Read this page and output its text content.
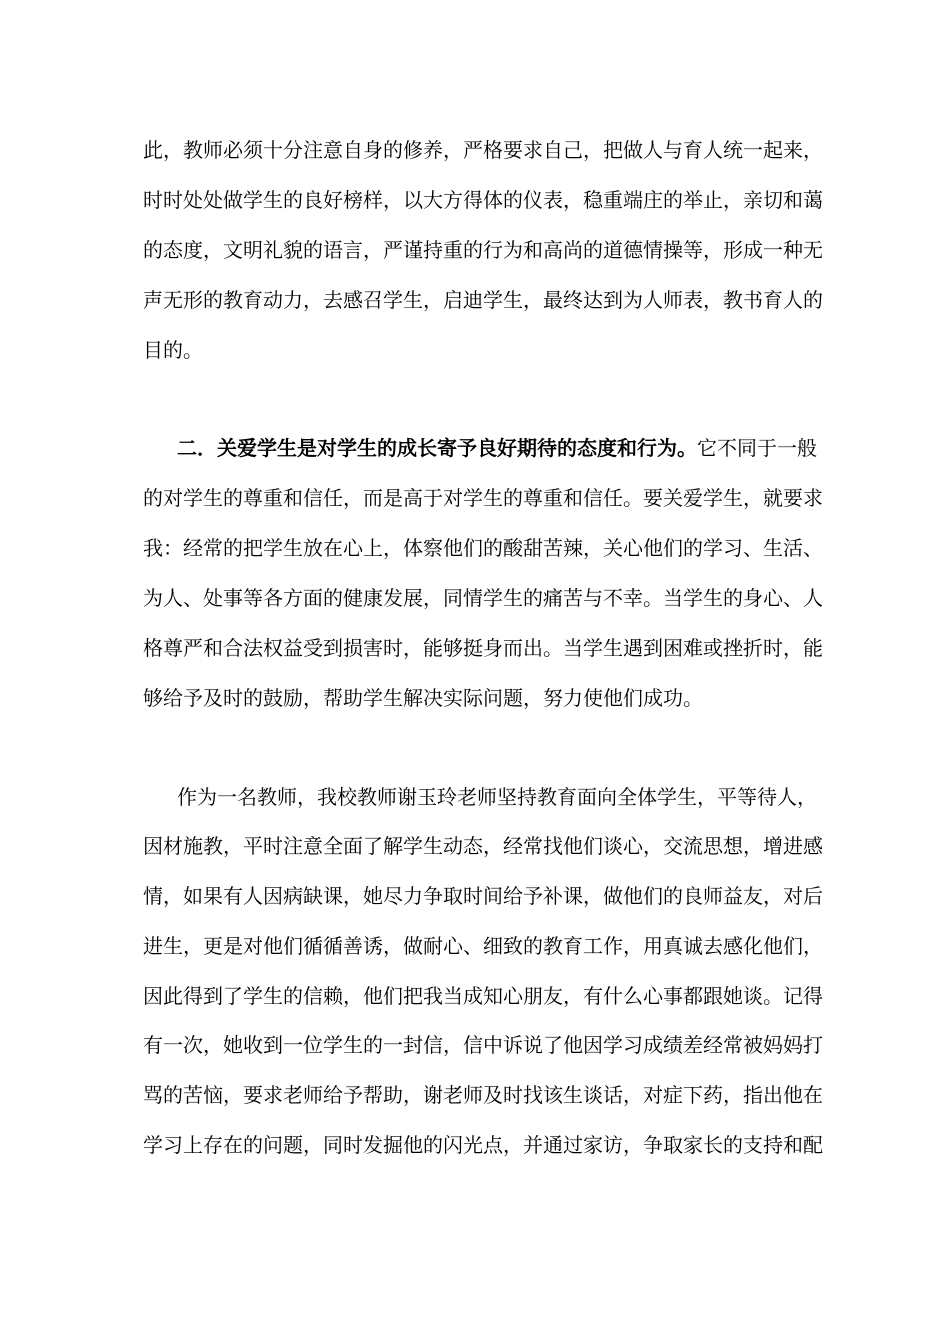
此，教师必须十分注意自身的修养，严格要求自己，把做人与育人统一起来，
时时处处做学生的良好榜样，以大方得体的仪表，稳重端庄的举止，亲切和蔼
的态度，文明礼貌的语言，严谨持重的行为和高尚的道德情操等，形成一种无
声无形的教育动力，去感召学生，启迪学生，最终达到为人师表，教书育人的
目的。
二．关爱学生是对学生的成长寄予良好期待的态度和行为。它不同于一般
的对学生的尊重和信任，而是高于对学生的尊重和信任。要关爱学生，就要求
我：经常的把学生放在心上，体察他们的酸甜苦辣，关心他们的学习、生活、
为人、处事等各方面的健康发展，同情学生的痛苦与不幸。当学生的身心、人
格尊严和合法权益受到损害时，能够挺身而出。当学生遇到困难或挫折时，能
够给予及时的鼓励，帮助学生解决实际问题，努力使他们成功。
作为一名教师，我校教师谢玉玲老师坚持教育面向全体学生，平等待人，
因材施教，平时注意全面了解学生动态，经常找他们谈心，交流思想，增进感
情，如果有人因病缺课，她尽力争取时间给予补课，做他们的良师益友，对后
进生，更是对他们循循善诱，做耐心、细致的教育工作，用真诚去感化他们，
因此得到了学生的信赖，他们把我当成知心朋友，有什么心事都跟她谈。记得
有一次，她收到一位学生的一封信，信中诉说了他因学习成绩差经常被妈妈打
骂的苦恼，要求老师给予帮助，谢老师及时找该生谈话，对症下药，指出他在
学习上存在的问题，同时发掘他的闪光点，并通过家访，争取家长的支持和配
